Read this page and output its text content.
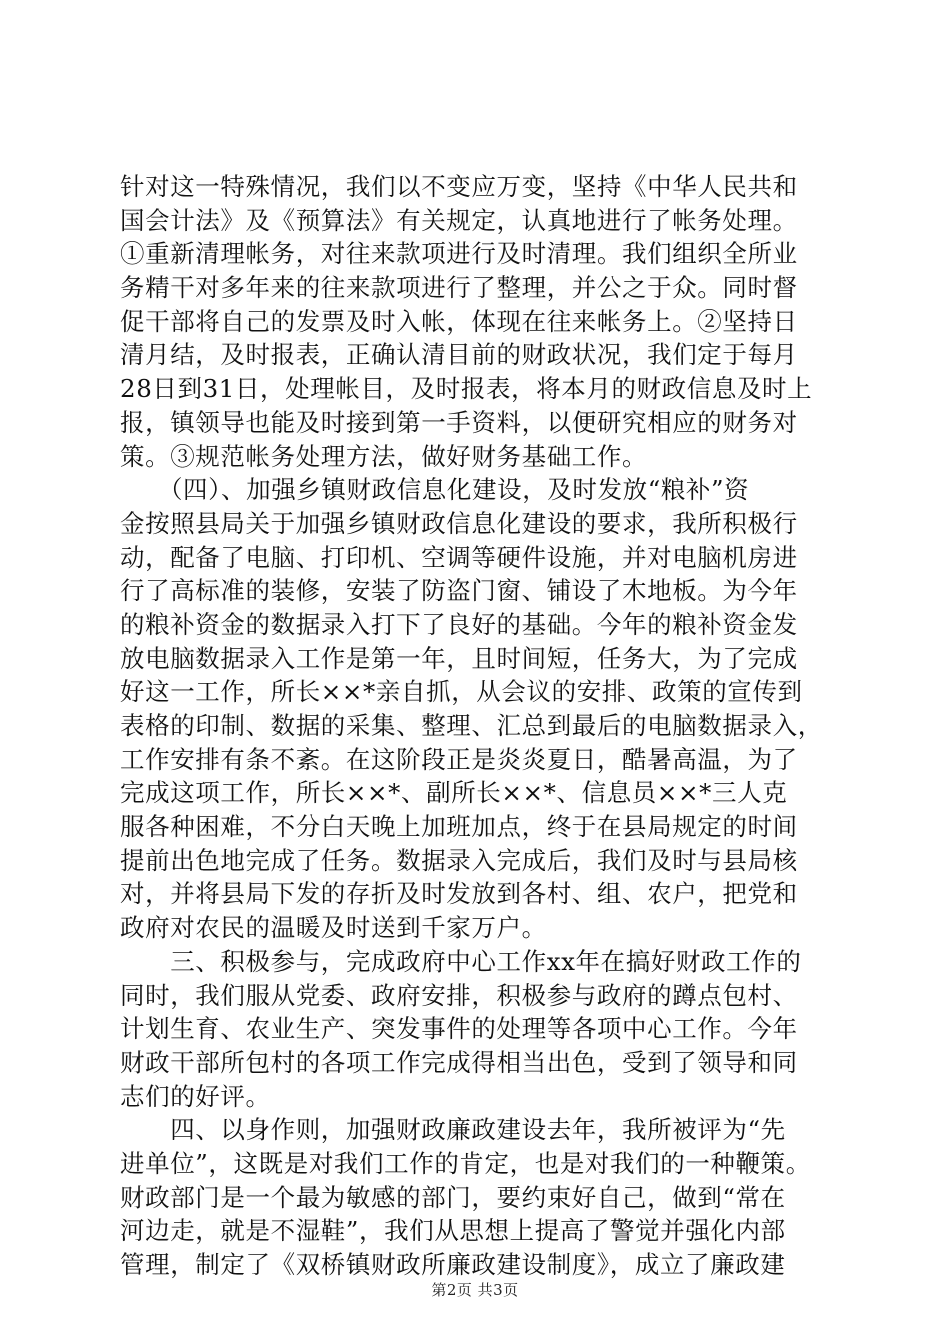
针对这一特殊情况，我们以不变应万变，坚持《中华人民共和
国会计法》及《预算法》有关规定，认真地进行了帐务处理。
①重新清理帐务，对往来款项进行及时清理。我们组织全所业
务精干对多年来的往来款项进行了整理，并公之于众。同时督
促干部将自己的发票及时入帐，体现在往来帐务上。②坚持日
清月结，及时报表，正确认清目前的财政状况，我们定于每月
28日到31日，处理帐目，及时报表，将本月的财政信息及时上
报，镇领导也能及时接到第一手资料，以便研究相应的财务对
策。③规范帐务处理方法，做好财务基础工作。
　　（四）、加强乡镇财政信息化建设，及时发放“粮补”资
金按照县局关于加强乡镇财政信息化建设的要求，我所积极行
动，配备了电脑、打印机、空调等硬件设施，并对电脑机房进
行了高标准的装修，安装了防盗门窗、铺设了木地板。为今年
的粮补资金的数据录入打下了良好的基础。今年的粮补资金发
放电脑数据录入工作是第一年，且时间短，任务大，为了完成
好这一工作，所长××*亲自抓，从会议的安排、政策的宣传到
表格的印制、数据的采集、整理、汇总到最后的电脑数据录入，
工作安排有条不紊。在这阶段正是炎炎夏日，酷暑高温，为了
完成这项工作，所长××*、副所长××*、信息员××*三人克
服各种困难，不分白天晚上加班加点，终于在县局规定的时间
提前出色地完成了任务。数据录入完成后，我们及时与县局核
对，并将县局下发的存折及时发放到各村、组、农户，把党和
政府对农民的温暖及时送到千家万户。
　　三、积极参与，完成政府中心工作xx年在搞好财政工作的
同时，我们服从党委、政府安排，积极参与政府的蹲点包村、
计划生育、农业生产、突发事件的处理等各项中心工作。今年
财政干部所包村的各项工作完成得相当出色，受到了领导和同
志们的好评。
　　四、以身作则，加强财政廉政建设去年，我所被评为“先
进单位”，这既是对我们工作的肯定，也是对我们的一种鞭策。
财政部门是一个最为敏感的部门，要约束好自己，做到“常在
河边走，就是不湿鞋”，我们从思想上提高了警觉并强化内部
管理，制定了《双桥镇财政所廉政建设制度》，成立了廉政建
第2页 共3页
